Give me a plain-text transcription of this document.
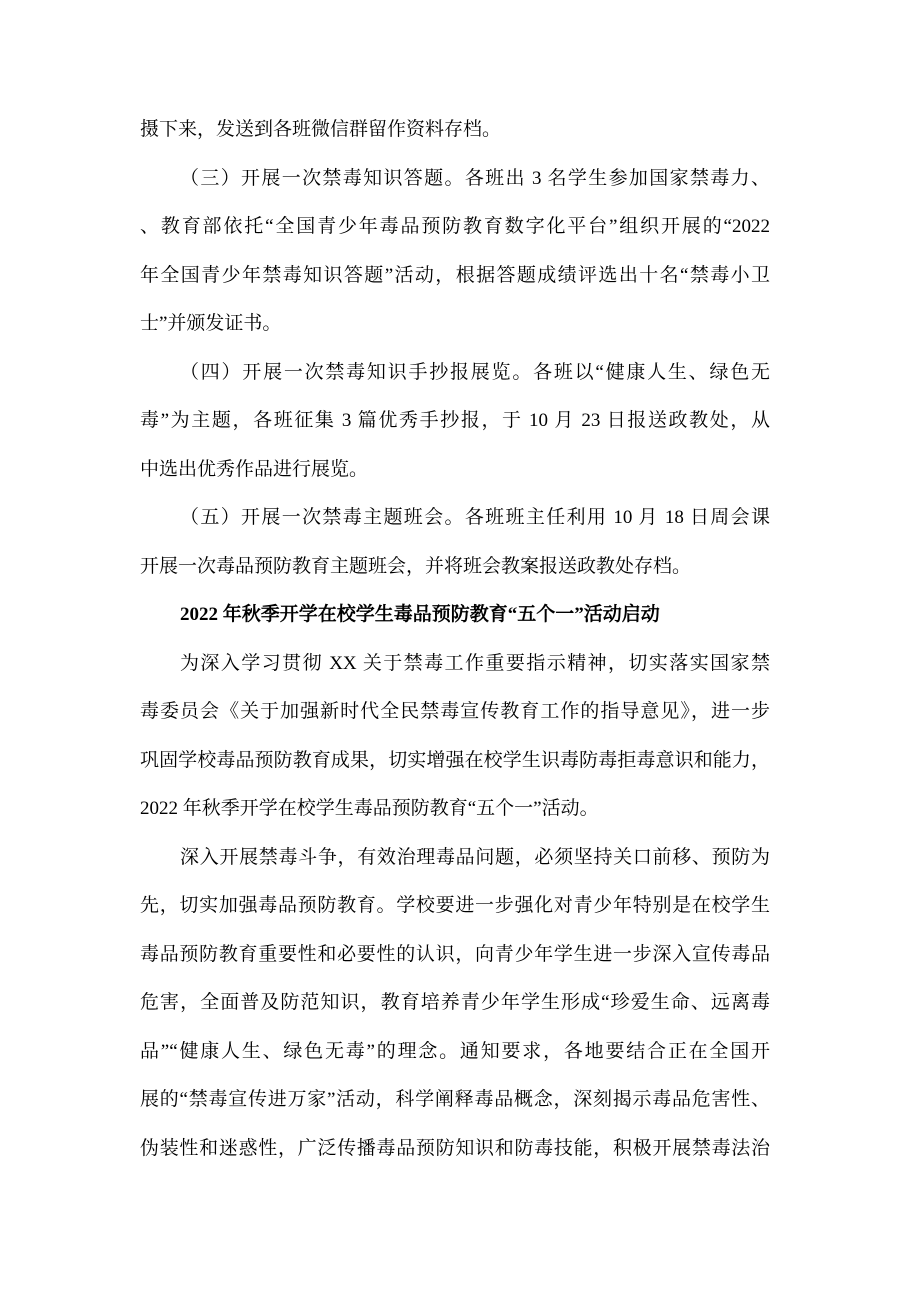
摄下来，发送到各班微信群留作资料存档。
（三）开展一次禁毒知识答题。各班出 3 名学生参加国家禁毒力、
、教育部依托“全国青少年毒品预防教育数字化平台”组织开展的“2022
年全国青少年禁毒知识答题”活动，根据答题成绩评选出十名“禁毒小卫
士”并颁发证书。
（四）开展一次禁毒知识手抄报展览。各班以“健康人生、绿色无
毒”为主题，各班征集 3 篇优秀手抄报，于 10 月 23 日报送政教处，从
中选出优秀作品进行展览。
（五）开展一次禁毒主题班会。各班班主任利用 10 月 18 日周会课
开展一次毒品预防教育主题班会，并将班会教案报送政教处存档。
2022 年秋季开学在校学生毒品预防教育“五个一”活动启动
为深入学习贯彻 XX 关于禁毒工作重要指示精神，切实落实国家禁
毒委员会《关于加强新时代全民禁毒宣传教育工作的指导意见》，进一步
巩固学校毒品预防教育成果，切实增强在校学生识毒防毒拒毒意识和能力，
2022 年秋季开学在校学生毒品预防教育“五个一”活动。
深入开展禁毒斗争，有效治理毒品问题，必须坚持关口前移、预防为
先，切实加强毒品预防教育。学校要进一步强化对青少年特别是在校学生
毒品预防教育重要性和必要性的认识，向青少年学生进一步深入宣传毒品
危害，全面普及防范知识，教育培养青少年学生形成“珍爱生命、远离毒
品”“健康人生、绿色无毒”的理念。通知要求，各地要结合正在全国开
展的“禁毒宣传进万家”活动，科学阐释毒品概念，深刻揭示毒品危害性、
伪装性和迷惑性，广泛传播毒品预防知识和防毒技能，积极开展禁毒法治
